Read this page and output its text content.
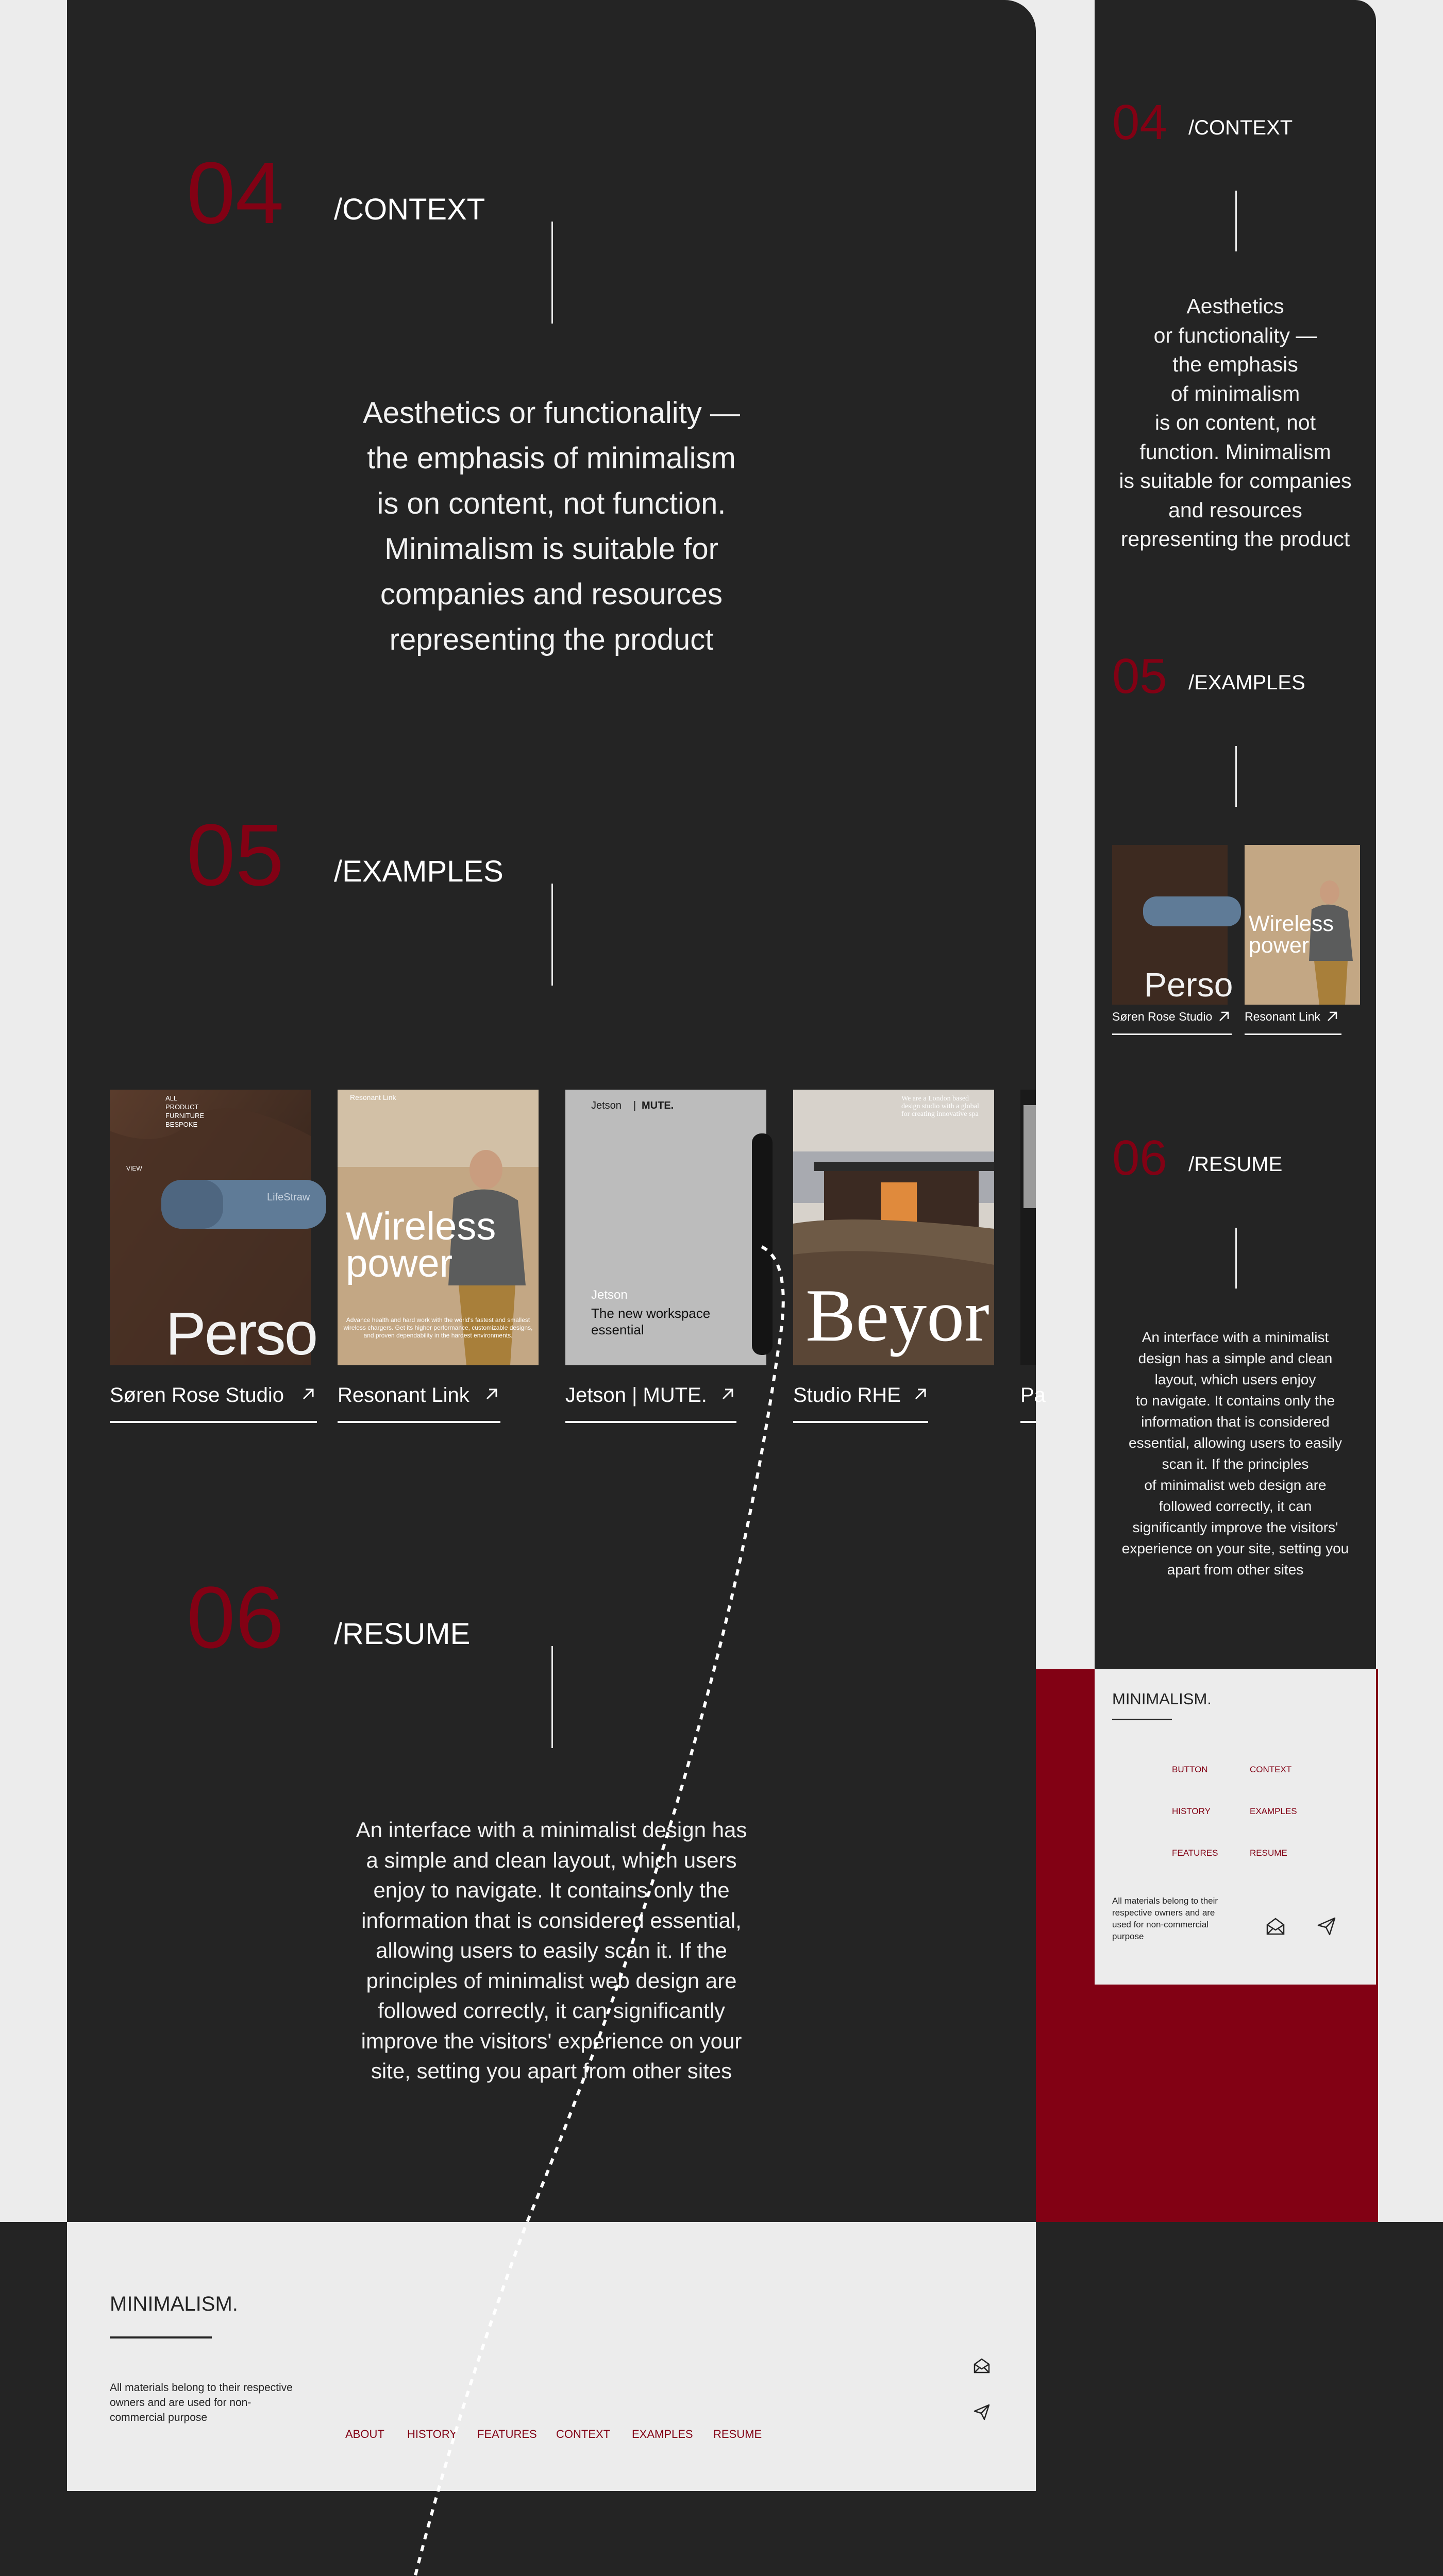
04 /CONTEXT
Aesthetics or functionality —
the emphasis of minimalism
is on content, not function.
Minimalism is suitable for
companies and resources
representing the product
05 /EXAMPLES
ALL
PRODUCT
FURNITURE
BESPOKE
VIEW
LifeStraw
Perso
Resonant Link
Wireless
power
Advance health and hard work with the world's fastest and smallest wireless chargers. Get its higher performance, customizable designs, and proven dependability in the hardest environments.
Jetson | MUTE.
Jetson
The new workspace
essential
We are a London based
design studio with a global
for creating innovative spa
Beyor
Søren Rose Studio	Resonant Link	Jetson | MUTE.	Studio RHE	Pa
06 /RESUME
An interface with a minimalist design has
a simple and clean layout, which users
enjoy to navigate. It contains only the
information that is considered essential,
allowing users to easily scan it. If the
principles of minimalist web design are
followed correctly, it can significantly
improve the visitors' experience on your
site, setting you apart from other sites
MINIMALISM.
All materials belong to their respective
owners and are used for non-
commercial purpose
ABOUT HISTORY FEATURES CONTEXT EXAMPLES RESUME
04 /CONTEXT
Aesthetics
or functionality —
the emphasis
of minimalism
is on content, not
function. Minimalism
is suitable for companies
and resources
representing the product
05 /EXAMPLES
Perso
Wireless
power
Søren Rose Studio	Resonant Link
06 /RESUME
An interface with a minimalist
design has a simple and clean
layout, which users enjoy
to navigate. It contains only the
information that is considered
essential, allowing users to easily
scan it. If the principles
of minimalist web design are
followed correctly, it can
significantly improve the visitors'
experience on your site, setting you
apart from other sites
MINIMALISM.
BUTTON	CONTEXT
HISTORY	EXAMPLES
FEATURES	RESUME
All materials belong to their
respective owners and are
used for non-commercial
purpose
